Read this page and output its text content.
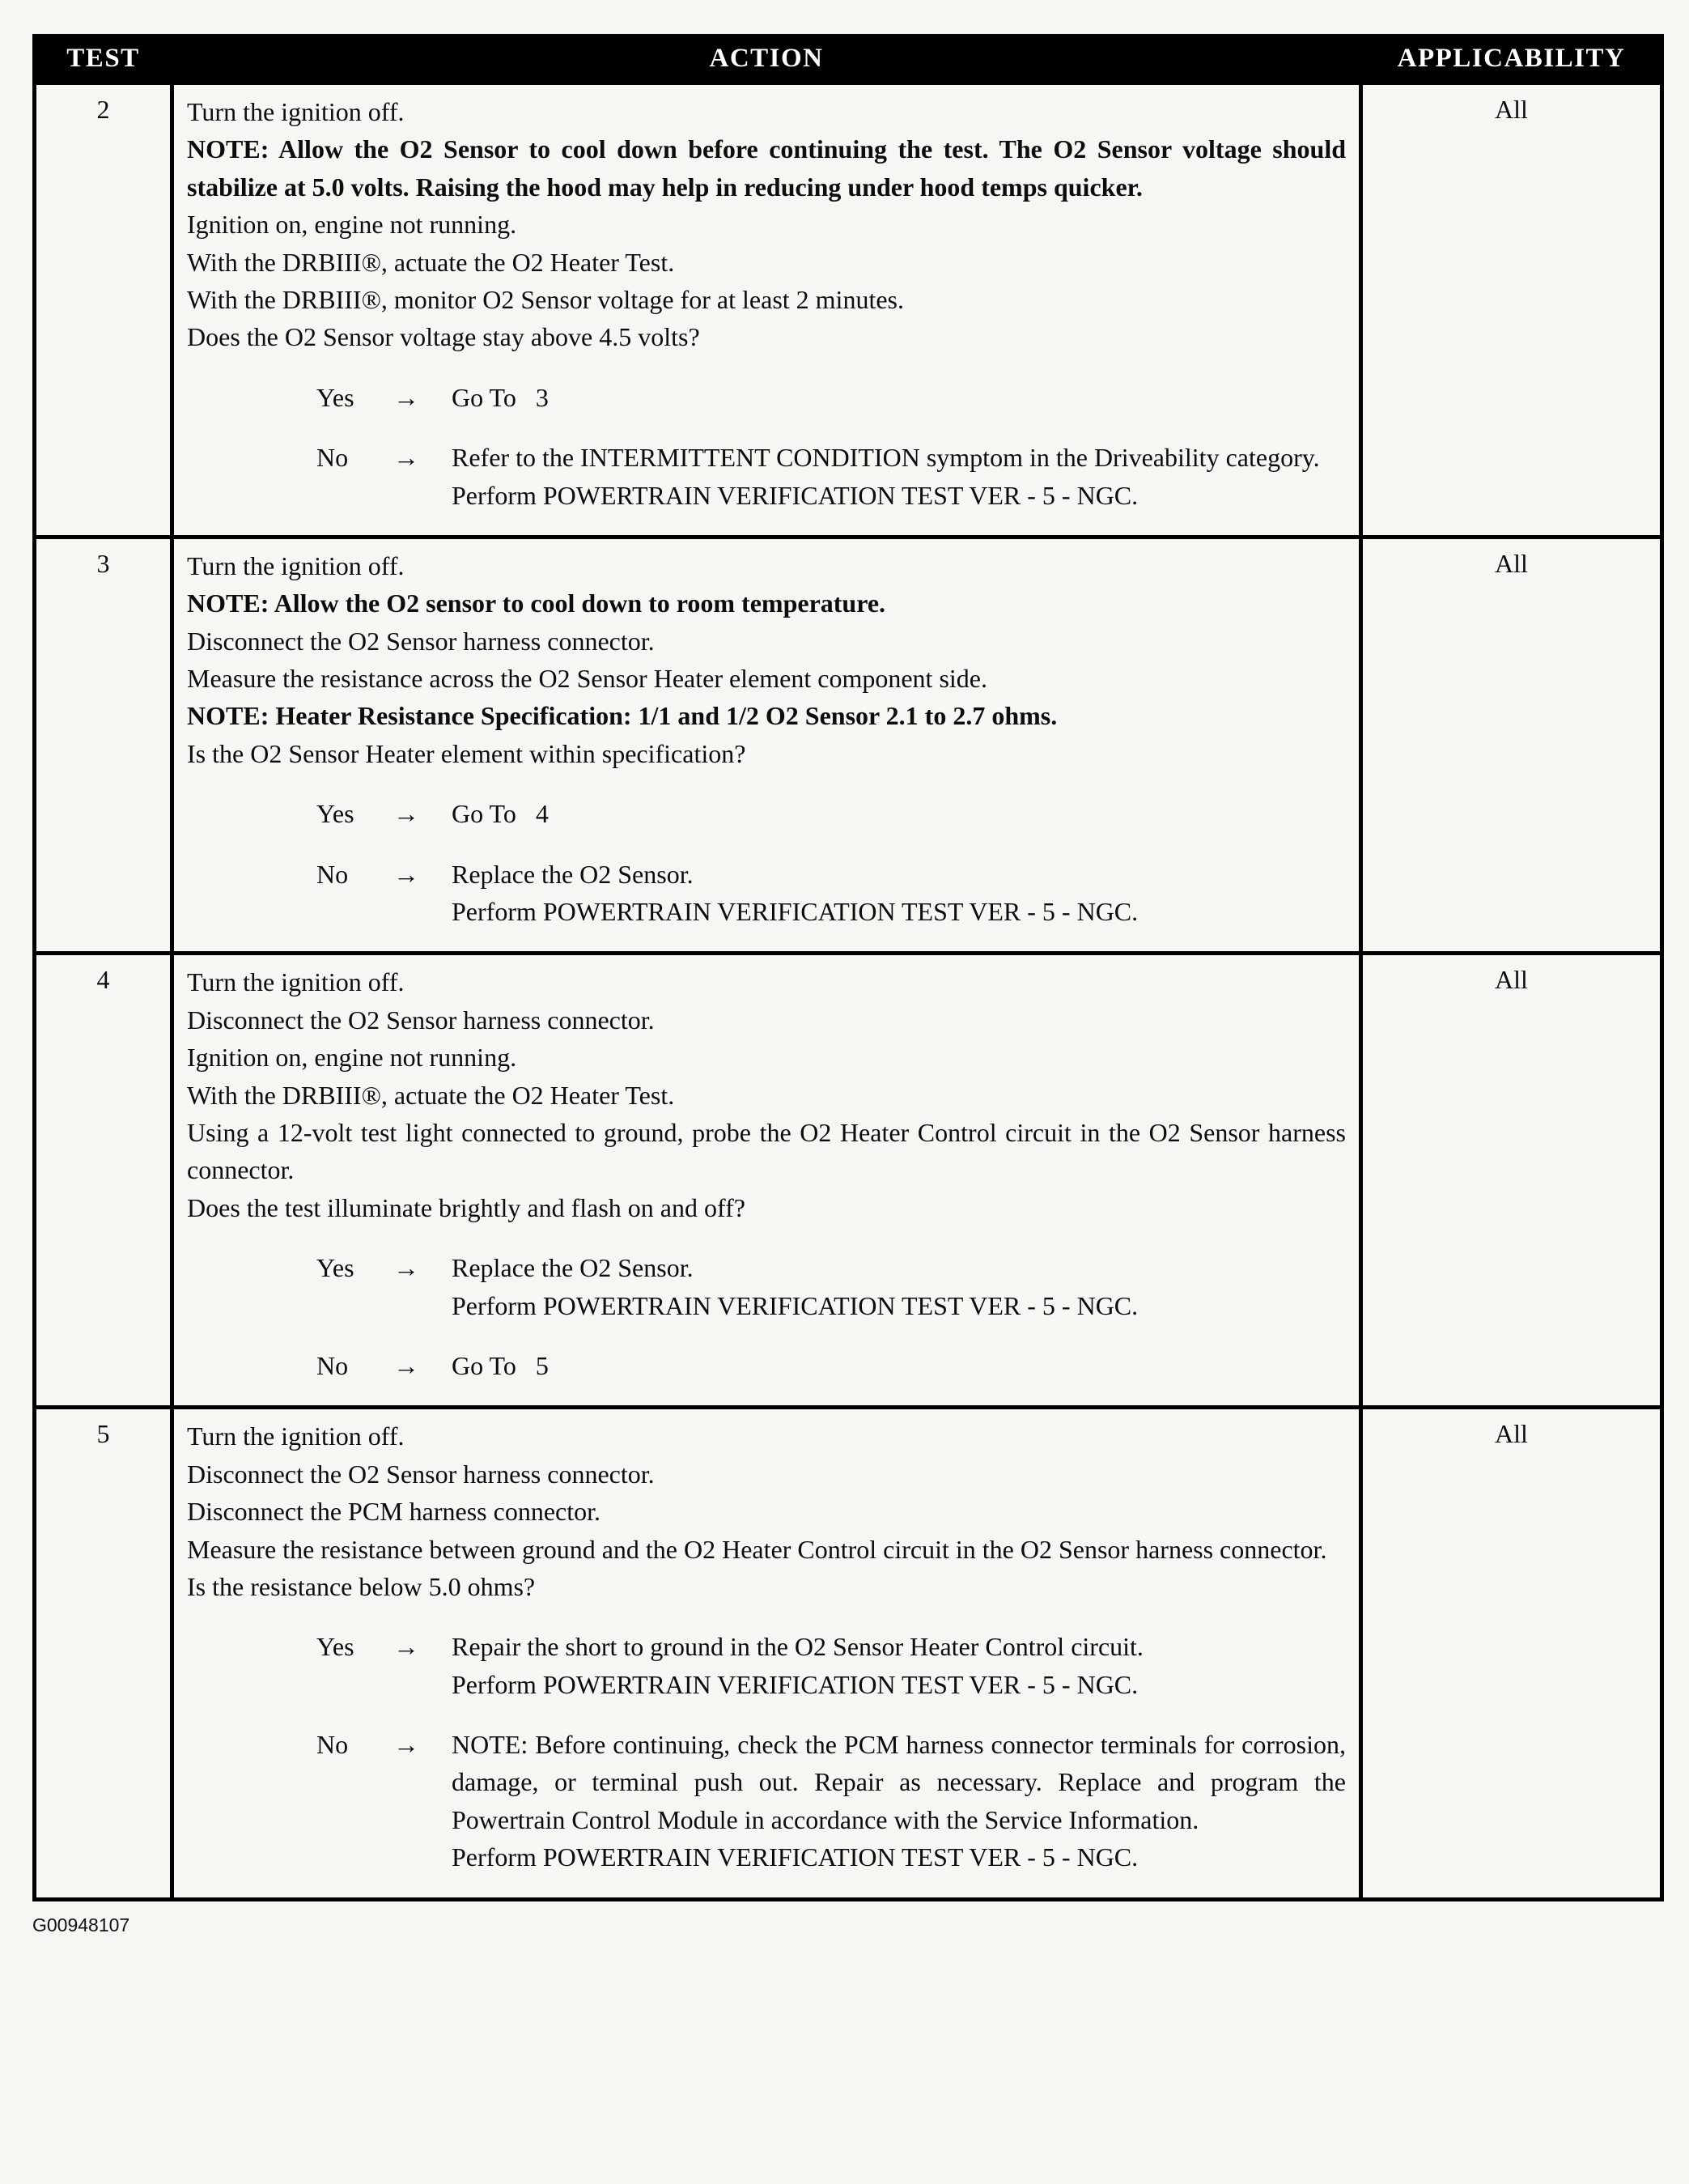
TEST	ACTION	APPLICABILITY
2	Turn the ignition off.
NOTE: Allow the O2 Sensor to cool down before continuing the test. The O2 Sensor voltage should stabilize at 5.0 volts. Raising the hood may help in reducing under hood temps quicker.
Ignition on, engine not running.
With the DRBIII®, actuate the O2 Heater Test.
With the DRBIII®, monitor O2 Sensor voltage for at least 2 minutes.
Does the O2 Sensor voltage stay above 4.5 volts?
Yes	→	Go To   3
No	→	Refer to the INTERMITTENT CONDITION symptom in the Driveability category.
Perform POWERTRAIN VERIFICATION TEST VER - 5 - NGC.
	All
3	Turn the ignition off.
NOTE: Allow the O2 sensor to cool down to room temperature.
Disconnect the O2 Sensor harness connector.
Measure the resistance across the O2 Sensor Heater element component side.
NOTE: Heater Resistance Specification: 1/1 and 1/2 O2 Sensor 2.1 to 2.7 ohms.
Is the O2 Sensor Heater element within specification?
Yes	→	Go To   4
No	→	Replace the O2 Sensor.
Perform POWERTRAIN VERIFICATION TEST VER - 5 - NGC.
	All
4	Turn the ignition off.
Disconnect the O2 Sensor harness connector.
Ignition on, engine not running.
With the DRBIII®, actuate the O2 Heater Test.
Using a 12-volt test light connected to ground, probe the O2 Heater Control circuit in the O2 Sensor harness connector.
Does the test illuminate brightly and flash on and off?
Yes	→	Replace the O2 Sensor.
Perform POWERTRAIN VERIFICATION TEST VER - 5 - NGC.
No	→	Go To   5
	All
5	Turn the ignition off.
Disconnect the O2 Sensor harness connector.
Disconnect the PCM harness connector.
Measure the resistance between ground and the O2 Heater Control circuit in the O2 Sensor harness connector.
Is the resistance below 5.0 ohms?
Yes	→	Repair the short to ground in the O2 Sensor Heater Control circuit.
Perform POWERTRAIN VERIFICATION TEST VER - 5 - NGC.
No	→	NOTE: Before continuing, check the PCM harness connector terminals for corrosion, damage, or terminal push out. Repair as necessary. Replace and program the Powertrain Control Module in accordance with the Service Information.
Perform POWERTRAIN VERIFICATION TEST VER - 5 - NGC.
	All
G00948107
